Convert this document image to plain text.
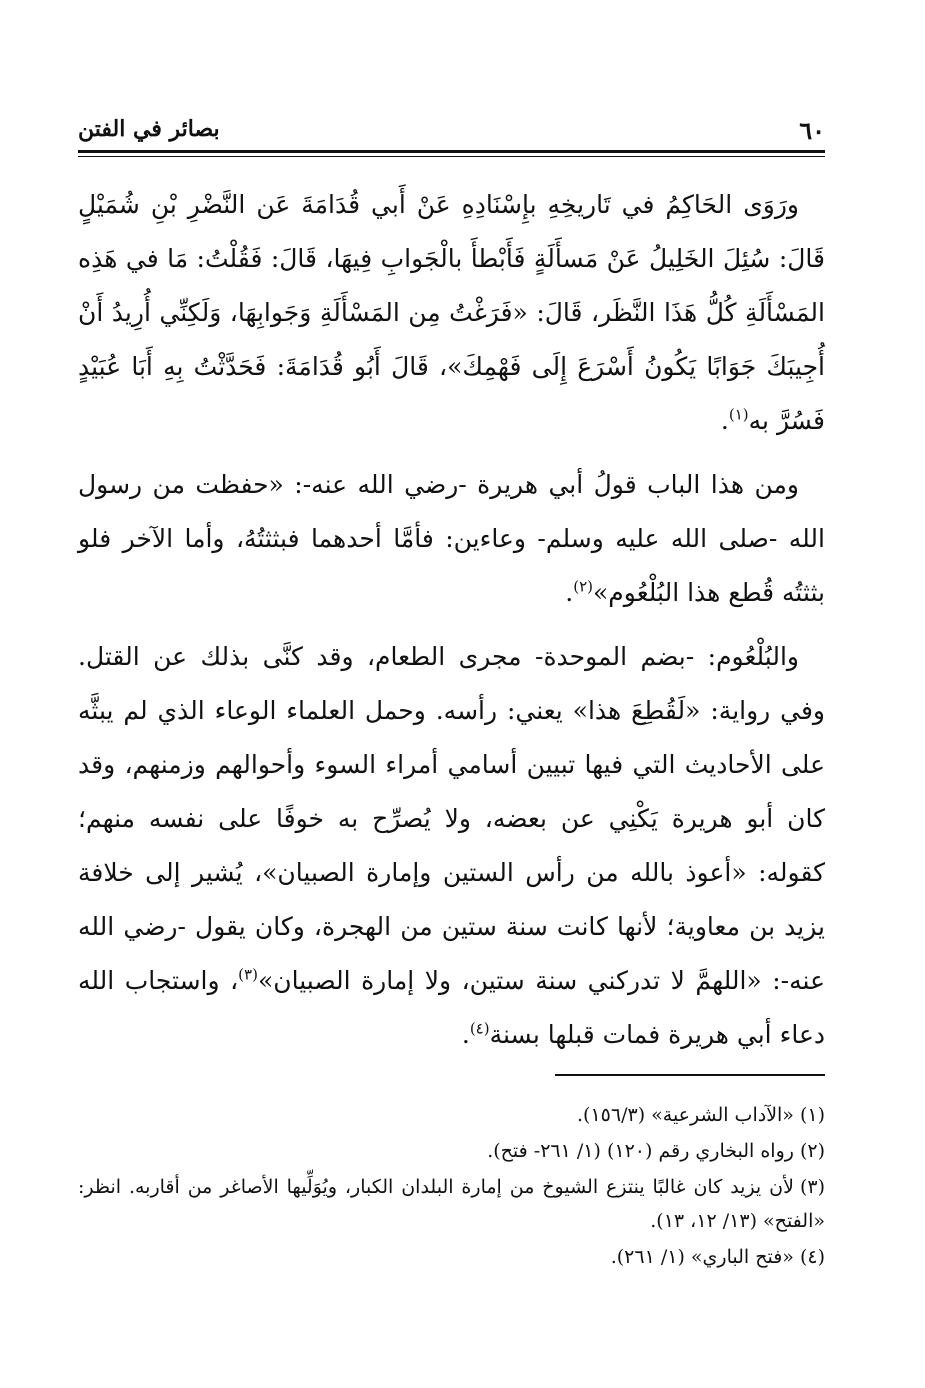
٦٠
بصائر في الفتن

ورَوَى الحَاكِمُ في تَاريخِهِ بإِسْنَادِهِ عَنْ أَبي قُدَامَةَ عَن النَّضْرِ بْنِ شُمَيْلٍ قَالَ: سُئِلَ الخَلِيلُ عَنْ مَسأَلَةٍ فَأَبْطأَ بالْجَوابِ فِيهَا، قَالَ: فَقُلْتُ: مَا في هَذِه المَسْأَلَةِ كُلُّ هَذَا النَّظَر، قَالَ: «فَرَغْتُ مِن المَسْأَلَةِ وَجَوابِهَا، وَلَكِنِّي أُرِيدُ أَنْ أُجِيبَكَ جَوَابًا يَكُونُ أَسْرَعَ إِلَى فَهْمِكَ»، قَالَ أَبُو قُدَامَةَ: فَحَدَّثْتُ بِهِ أَبَا عُبَيْدٍ فَسُرَّ به$^{(١)}$.

ومن هذا الباب قولُ أبي هريرة -رضي الله عنه-: «حفظت من رسول الله -صلى الله عليه وسلم- وعاءين: فأمَّا أحدهما فبثثتُهُ، وأما الآخر فلو بثثتُه قُطع هذا البُلْعُوم»$^{(٢)}$.

والبُلْعُوم: -بضم الموحدة- مجرى الطعام، وقد كنَّى بذلك عن القتل. وفي رواية: «لَقُطِعَ هذا» يعني: رأسه. وحمل العلماء الوعاء الذي لم يبثَّه على الأحاديث التي فيها تبيين أسامي أمراء السوء وأحوالهم وزمنهم، وقد كان أبو هريرة يَكْنِي عن بعضه، ولا يُصرِّح به خوفًا على نفسه منهم؛ كقوله: «أعوذ بالله من رأس الستين وإمارة الصبيان»، يُشير إلى خلافة يزيد بن معاوية؛ لأنها كانت سنة ستين من الهجرة، وكان يقول -رضي الله عنه-: «اللهمَّ لا تدركني سنة ستين، ولا إمارة الصبيان»$^{(٣)}$، واستجاب الله دعاء أبي هريرة فمات قبلها بسنة$^{(٤)}$.

(١)«الآداب الشرعية» (١٥٦/٣).
(٢)رواه البخاري رقم (١٢٠) (١/ ٢٦١- فتح).
(٣)لأن يزيد كان غالبًا ينتزع الشيوخ من إمارة البلدان الكبار، ويُوَلِّيها الأصاغر من أقاربه. انظر: «الفتح» (١٣/ ١٢، ١٣).
(٤)«فتح الباري» (١/ ٢٦١).
